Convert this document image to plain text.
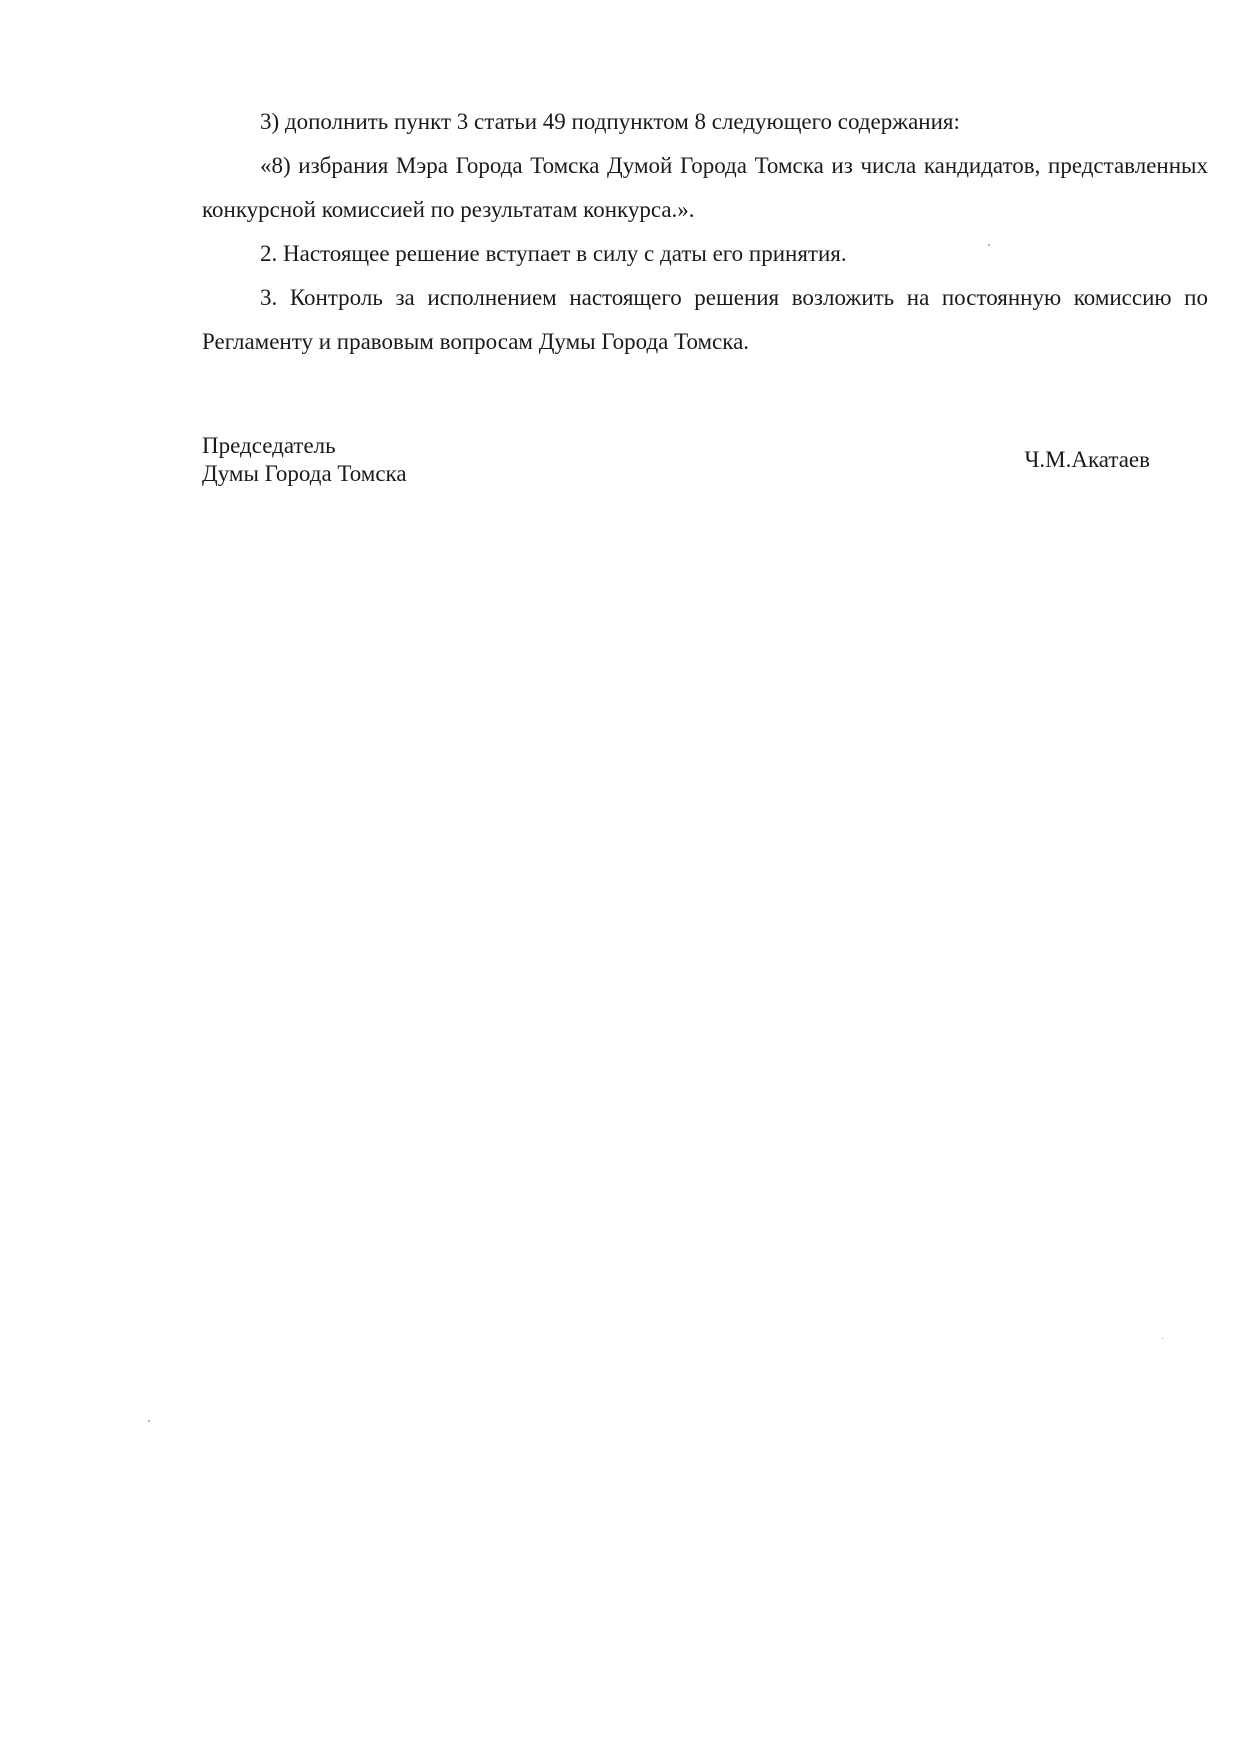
3) дополнить пункт 3 статьи 49 подпунктом 8 следующего содержания:

«8) избрания Мэра Города Томска Думой Города Томска из числа кандидатов, представленных конкурсной комиссией по результатам конкурса.».

2. Настоящее решение вступает в силу с даты его принятия.

3. Контроль за исполнением настоящего решения возложить на постоянную комиссию по Регламенту и правовым вопросам Думы Города Томска.

Председатель
Думы Города Томска
Ч.М.Акатаев
